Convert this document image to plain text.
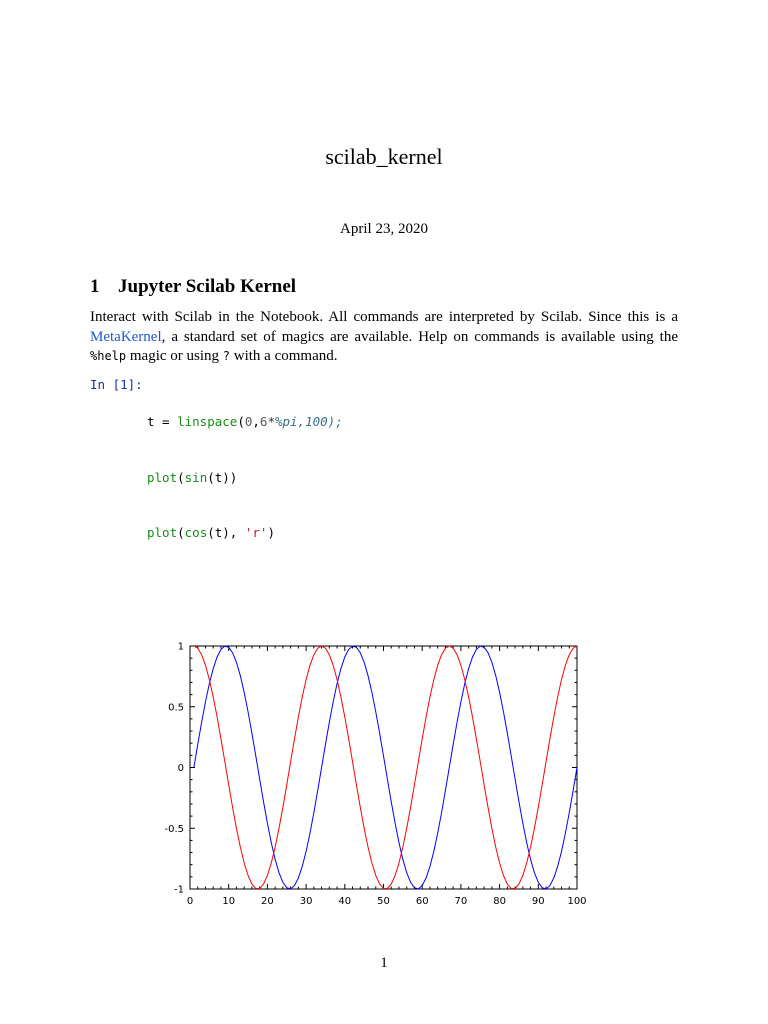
scilab_kernel
April 23, 2020
1 Jupyter Scilab Kernel
Interact with Scilab in the Notebook. All commands are interpreted by Scilab. Since this is a MetaKernel, a standard set of magics are available. Help on commands is available using the %help magic or using ? with a command.
In [1]:

t = linspace(0,6*%pi,100);

plot(sin(t))

plot(cos(t), 'r')

0	10	20	30	40	50	60	70	80	90 100
1
0.5
0
-0.5
-1
1
